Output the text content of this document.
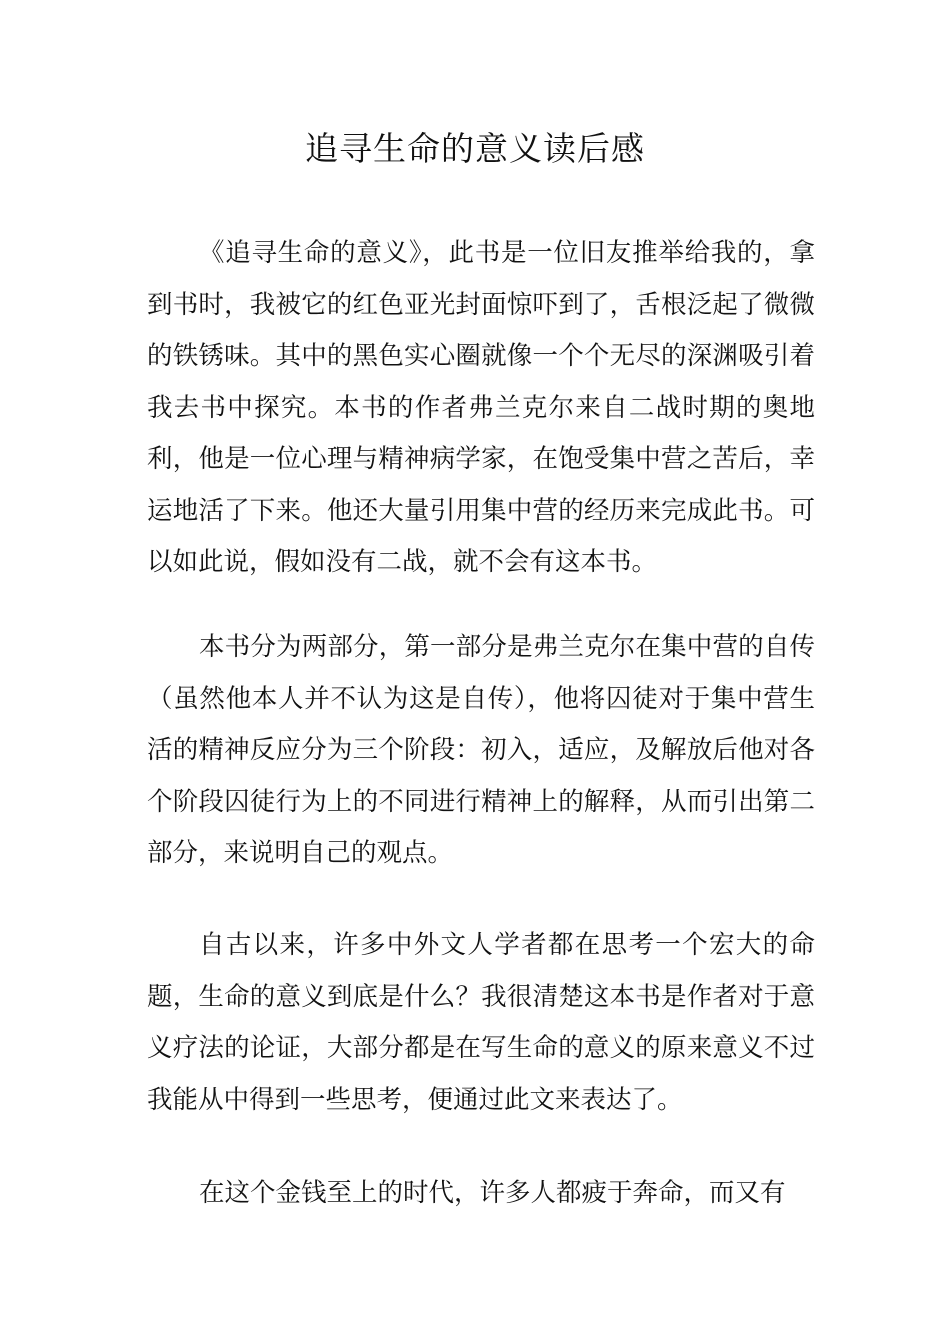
追寻生命的意义读后感

《追寻生命的意义》，此书是一位旧友推举给我的，拿到书时，我被它的红色亚光封面惊吓到了，舌根泛起了微微的铁锈味。其中的黑色实心圈就像一个个无尽的深渊吸引着我去书中探究。本书的作者弗兰克尔来自二战时期的奥地利，他是一位心理与精神病学家，在饱受集中营之苦后，幸运地活了下来。他还大量引用集中营的经历来完成此书。可以如此说，假如没有二战，就不会有这本书。

本书分为两部分，第一部分是弗兰克尔在集中营的自传（虽然他本人并不认为这是自传），他将囚徒对于集中营生活的精神反应分为三个阶段：初入，适应，及解放后他对各个阶段囚徒行为上的不同进行精神上的解释，从而引出第二部分，来说明自己的观点。

自古以来，许多中外文人学者都在思考一个宏大的命题，生命的意义到底是什么？我很清楚这本书是作者对于意义疗法的论证，大部分都是在写生命的意义的原来意义不过我能从中得到一些思考，便通过此文来表达了。

在这个金钱至上的时代，许多人都疲于奔命，而又有
